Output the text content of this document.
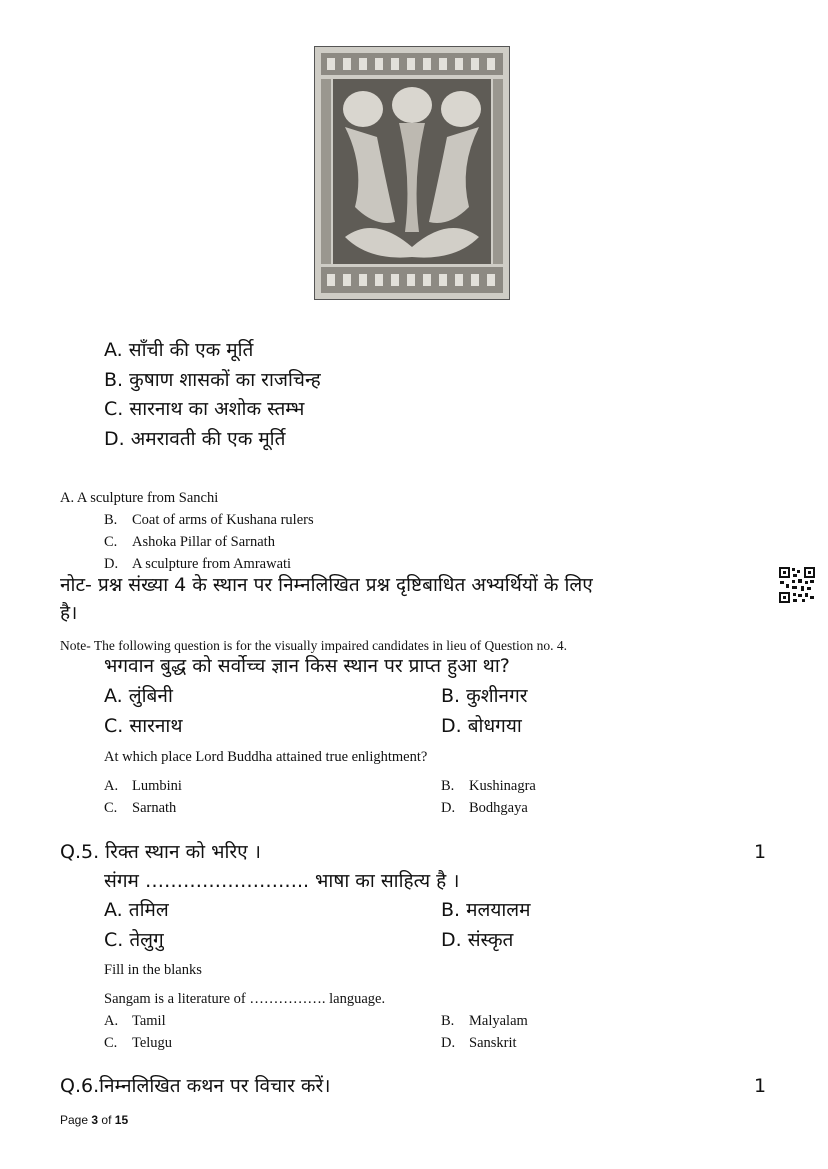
A. साँची की एक मूर्ति
B. कुषाण शासकों का राजचिन्ह
C. सारनाथ का अशोक स्तम्भ
D. अमरावती की एक मूर्ति
A. A sculpture from Sanchi
B. Coat of arms of Kushana rulers
C. Ashoka Pillar of Sarnath
D. A sculpture from Amrawati
नोट- प्रश्न संख्या 4 के स्थान पर निम्नलिखित प्रश्न दृष्टिबाधित अभ्यर्थियों के लिए
है।
Note- The following question is for the visually impaired candidates in lieu of Question no. 4.
भगवान बुद्ध को सर्वोच्च ज्ञान किस स्थान पर प्राप्त हुआ था?
A. लुंबिनी	B. कुशीनगर
C. सारनाथ	D. बोधगया
At which place Lord Buddha attained true enlightment?
A. Lumbini	B. Kushinagra
C. Sarnath	D. Bodhgaya
Q.5. रिक्त स्थान को भरिए ।	1
संगम …………………….. भाषा का साहित्य है ।
A. तमिल	B. मलयालम
C. तेलुगु	D. संस्कृत
Fill in the blanks
Sangam is a literature of ……………. language.
A. Tamil	B. Malyalam
C. Telugu	D. Sanskrit
Q.6.निम्नलिखित कथन पर विचार करें।	1
Page 3 of 15
